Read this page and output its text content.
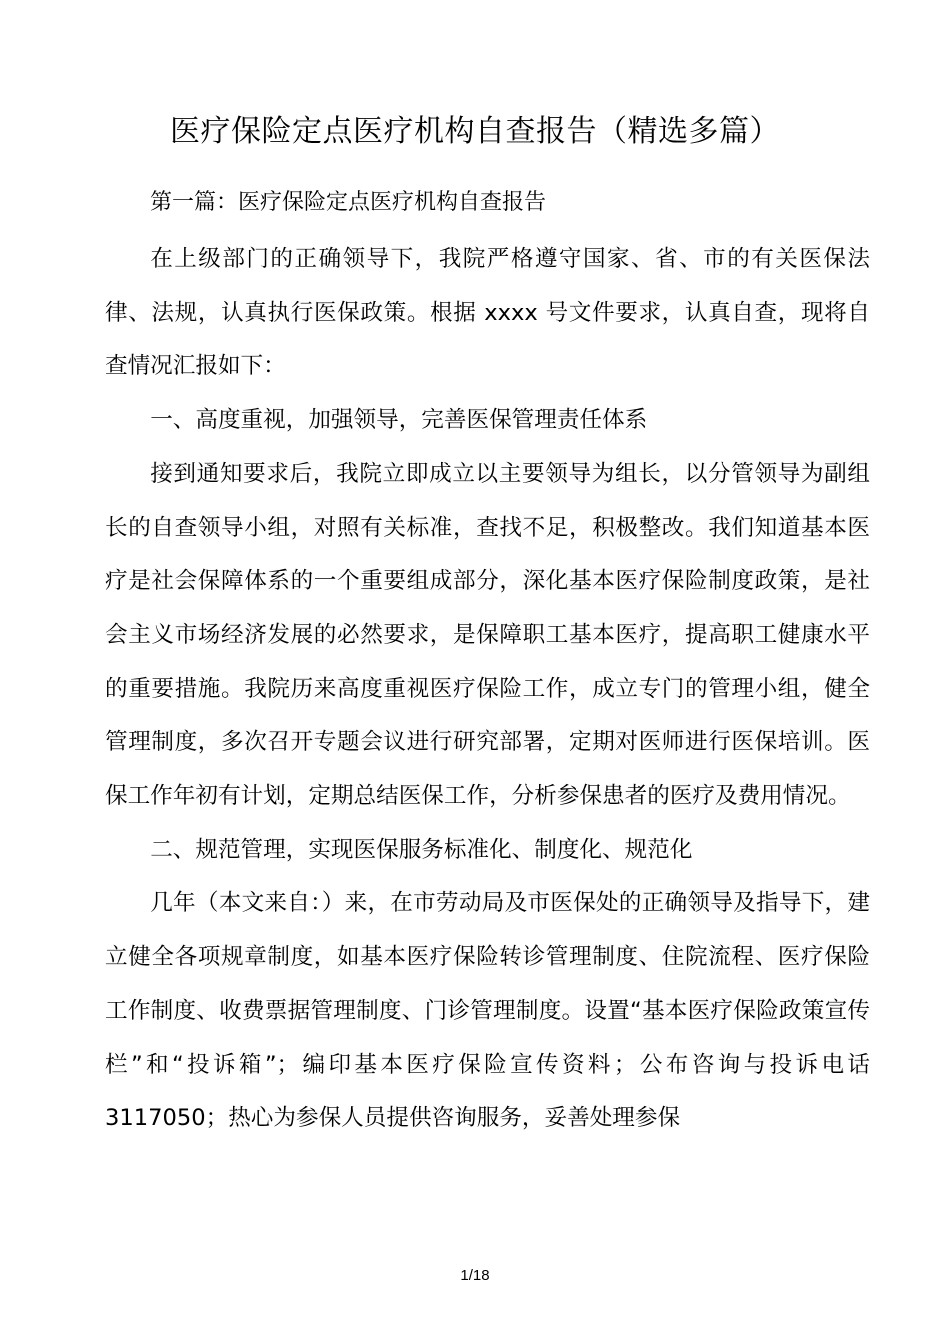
医疗保险定点医疗机构自查报告（精选多篇）
第一篇：医疗保险定点医疗机构自查报告

在上级部门的正确领导下，我院严格遵守国家、省、市的有关医保法律、法规，认真执行医保政策。根据 xxxx 号文件要求，认真自查，现将自查情况汇报如下：

一、高度重视，加强领导，完善医保管理责任体系

接到通知要求后，我院立即成立以主要领导为组长，以分管领导为副组长的自查领导小组，对照有关标准，查找不足，积极整改。我们知道基本医疗是社会保障体系的一个重要组成部分，深化基本医疗保险制度政策，是社会主义市场经济发展的必然要求，是保障职工基本医疗，提高职工健康水平的重要措施。我院历来高度重视医疗保险工作，成立专门的管理小组，健全管理制度，多次召开专题会议进行研究部署，定期对医师进行医保培训。医保工作年初有计划，定期总结医保工作，分析参保患者的医疗及费用情况。

二、规范管理，实现医保服务标准化、制度化、规范化

几年（本文来自：）来，在市劳动局及市医保处的正确领导及指导下，建立健全各项规章制度，如基本医疗保险转诊管理制度、住院流程、医疗保险工作制度、收费票据管理制度、门诊管理制度。设置“基本医疗保险政策宣传栏”和“投诉箱”；编印基本医疗保险宣传资料；公布咨询与投诉电话 3117050；热心为参保人员提供咨询服务，妥善处理参保

1/18
